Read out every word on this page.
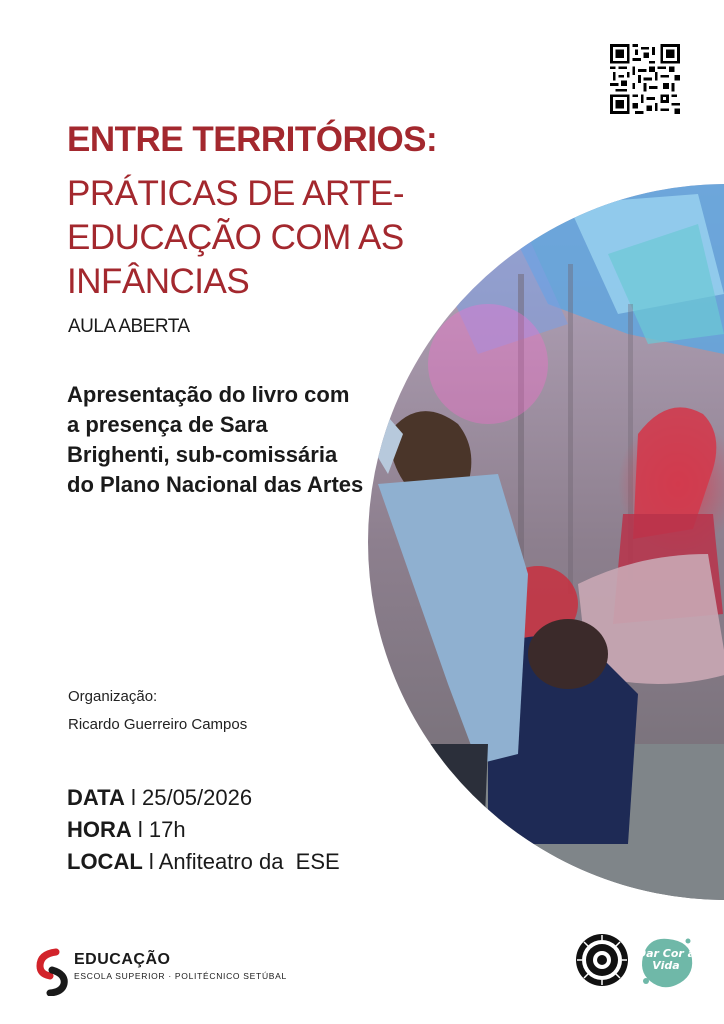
ENTRE TERRITÓRIOS:
PRÁTICAS DE ARTE-EDUCAÇÃO COM AS INFÂNCIAS
AULA ABERTA

Apresentação do livro com a presença de Sara Brighenti, sub-comissária do Plano Nacional das Artes

Organização:
Ricardo Guerreiro Campos
DATA l 25/05/2026
HORA l 17h
LOCAL l Anfiteatro da  ESE
EDUCAÇÃO
ESCOLA SUPERIOR · POLITÉCNICO SETÚBAL
Dar Cor à Vida
